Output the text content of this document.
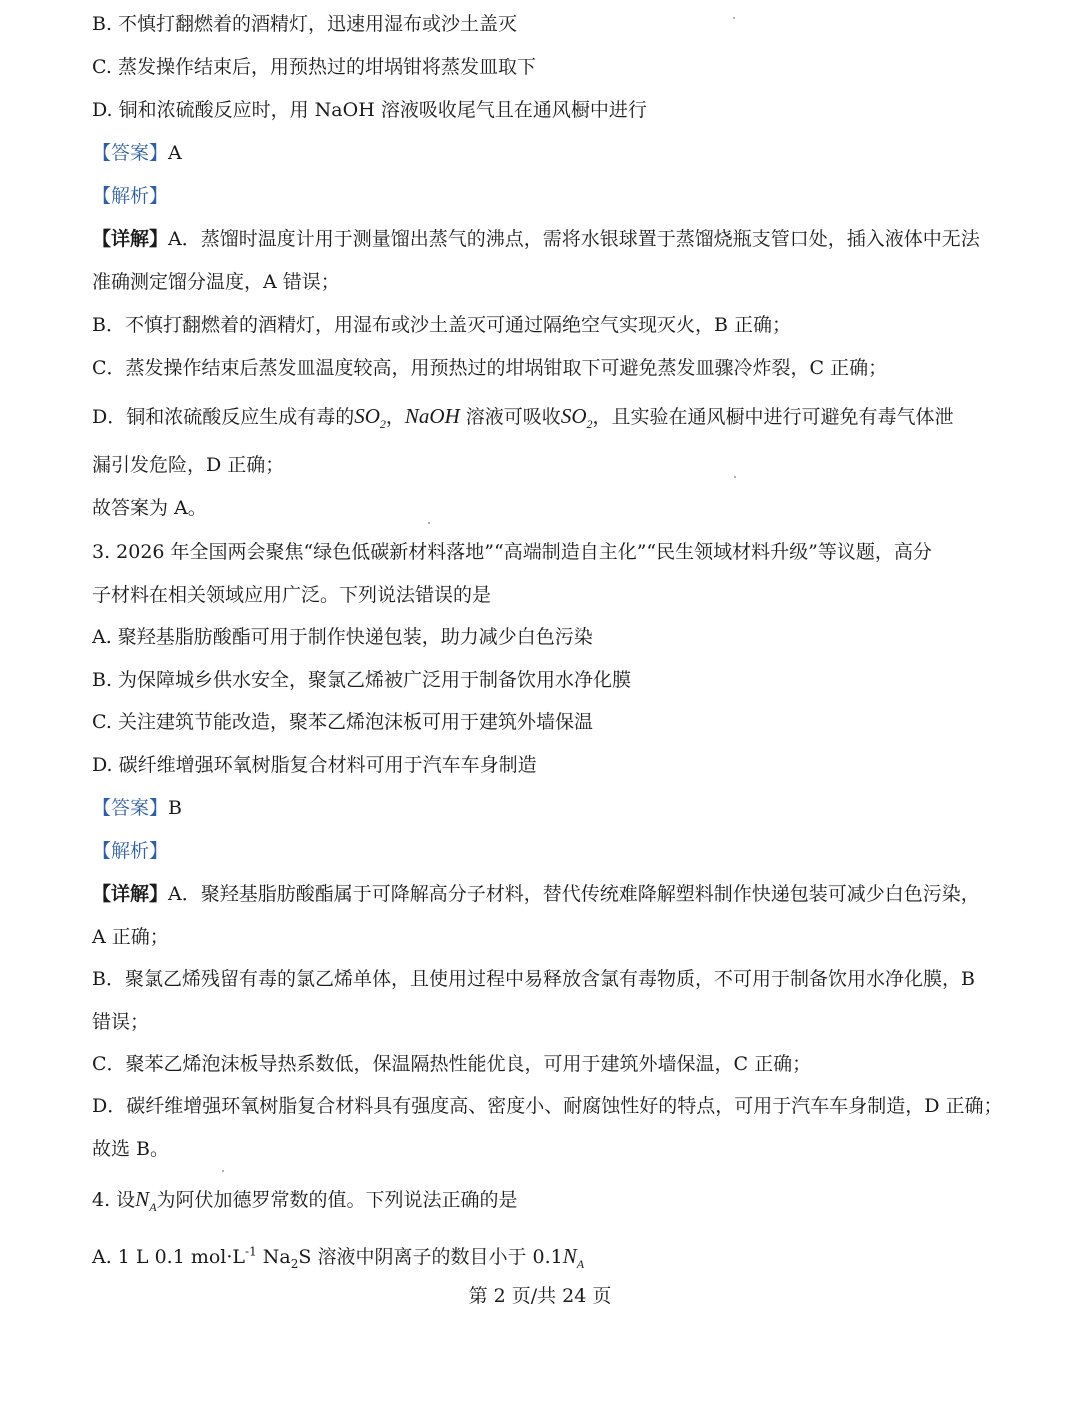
B. 不慎打翻燃着的酒精灯，迅速用湿布或沙土盖灭
C. 蒸发操作结束后，用预热过的坩埚钳将蒸发皿取下
D. 铜和浓硫酸反应时，用 NaOH 溶液吸收尾气且在通风橱中进行
【答案】A
【解析】
【详解】A．蒸馏时温度计用于测量馏出蒸气的沸点，需将水银球置于蒸馏烧瓶支管口处，插入液体中无法
准确测定馏分温度，A 错误；
B．不慎打翻燃着的酒精灯，用湿布或沙土盖灭可通过隔绝空气实现灭火，B 正确；
C．蒸发操作结束后蒸发皿温度较高，用预热过的坩埚钳取下可避免蒸发皿骤冷炸裂，C 正确；
D．铜和浓硫酸反应生成有毒的$SO_2$，NaOH 溶液可吸收$SO_2$，且实验在通风橱中进行可避免有毒气体泄
漏引发危险，D 正确；
故答案为 A。
3. 2026 年全国两会聚焦“绿色低碳新材料落地”“高端制造自主化”“民生领域材料升级”等议题，高分
子材料在相关领域应用广泛。下列说法错误的是
A. 聚羟基脂肪酸酯可用于制作快递包装，助力减少白色污染
B. 为保障城乡供水安全，聚氯乙烯被广泛用于制备饮用水净化膜
C. 关注建筑节能改造，聚苯乙烯泡沫板可用于建筑外墙保温
D. 碳纤维增强环氧树脂复合材料可用于汽车车身制造
【答案】B
【解析】
【详解】A．聚羟基脂肪酸酯属于可降解高分子材料，替代传统难降解塑料制作快递包装可减少白色污染，
A 正确；
B．聚氯乙烯残留有毒的氯乙烯单体，且使用过程中易释放含氯有毒物质，不可用于制备饮用水净化膜，B
错误；
C．聚苯乙烯泡沫板导热系数低，保温隔热性能优良，可用于建筑外墙保温，C 正确；
D．碳纤维增强环氧树脂复合材料具有强度高、密度小、耐腐蚀性好的特点，可用于汽车车身制造，D 正确；
故选 B。
4. 设$N_A$为阿伏加德罗常数的值。下列说法正确的是
A. 1 L 0.1 $mol\cdot L^{-1}$ $Na_2S$ 溶液中阴离子的数目小于 $0.1N_A$
第 2 页/共 24 页
